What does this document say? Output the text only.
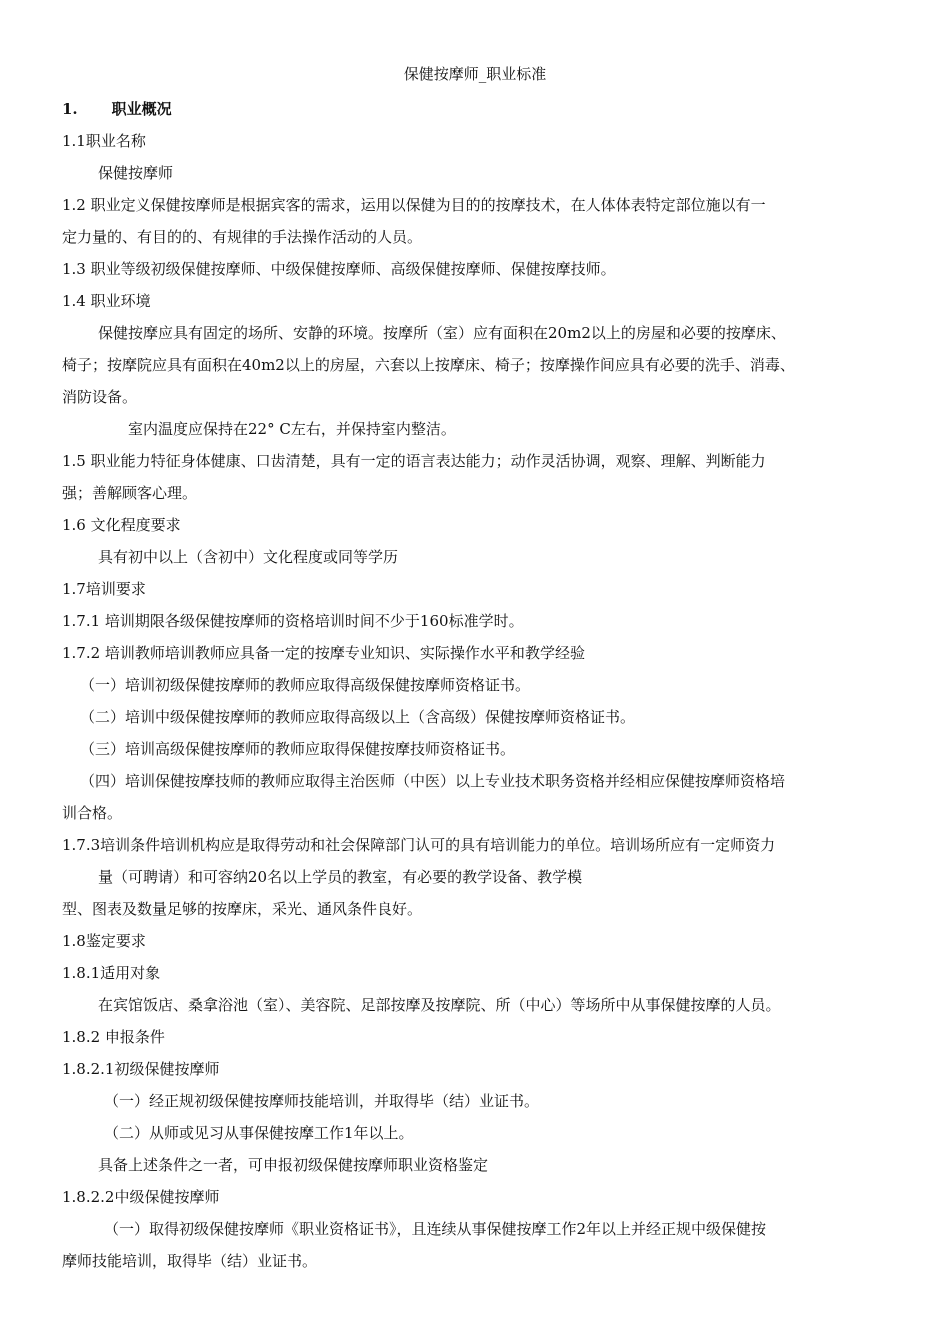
保健按摩师_职业标准

1. 职业概况

1.1职业名称

保健按摩师

1.2 职业定义保健按摩师是根据宾客的需求，运用以保健为目的的按摩技术，在人体体表特定部位施以有一

定力量的、有目的的、有规律的手法操作活动的人员。

1.3 职业等级初级保健按摩师、中级保健按摩师、高级保健按摩师、保健按摩技师。

1.4 职业环境

保健按摩应具有固定的场所、安静的环境。按摩所（室）应有面积在20m2以上的房屋和必要的按摩床、

椅子；按摩院应具有面积在40m2以上的房屋，六套以上按摩床、椅子；按摩操作间应具有必要的洗手、消毒、

消防设备。

室内温度应保持在22° C左右，并保持室内整洁。

1.5 职业能力特征身体健康、口齿清楚，具有一定的语言表达能力；动作灵活协调，观察、理解、判断能力

强；善解顾客心理。

1.6 文化程度要求

具有初中以上（含初中）文化程度或同等学历

1.7培训要求

1.7.1 培训期限各级保健按摩师的资格培训时间不少于160标准学时。

1.7.2 培训教师培训教师应具备一定的按摩专业知识、实际操作水平和教学经验

（一）培训初级保健按摩师的教师应取得高级保健按摩师资格证书。

（二）培训中级保健按摩师的教师应取得高级以上（含高级）保健按摩师资格证书。

（三）培训高级保健按摩师的教师应取得保健按摩技师资格证书。

（四）培训保健按摩技师的教师应取得主治医师（中医）以上专业技术职务资格并经相应保健按摩师资格培

训合格。

1.7.3培训条件培训机构应是取得劳动和社会保障部门认可的具有培训能力的单位。培训场所应有一定师资力

量（可聘请）和可容纳20名以上学员的教室，有必要的教学设备、教学模

型、图表及数量足够的按摩床，采光、通风条件良好。

1.8鉴定要求

1.8.1适用对象

在宾馆饭店、桑拿浴池（室）、美容院、足部按摩及按摩院、所（中心）等场所中从事保健按摩的人员。

1.8.2 申报条件

1.8.2.1初级保健按摩师

（一）经正规初级保健按摩师技能培训，并取得毕（结）业证书。

（二）从师或见习从事保健按摩工作1年以上。

具备上述条件之一者，可申报初级保健按摩师职业资格鉴定

1.8.2.2中级保健按摩师

（一）取得初级保健按摩师《职业资格证书》，且连续从事保健按摩工作2年以上并经正规中级保健按

摩师技能培训，取得毕（结）业证书。
